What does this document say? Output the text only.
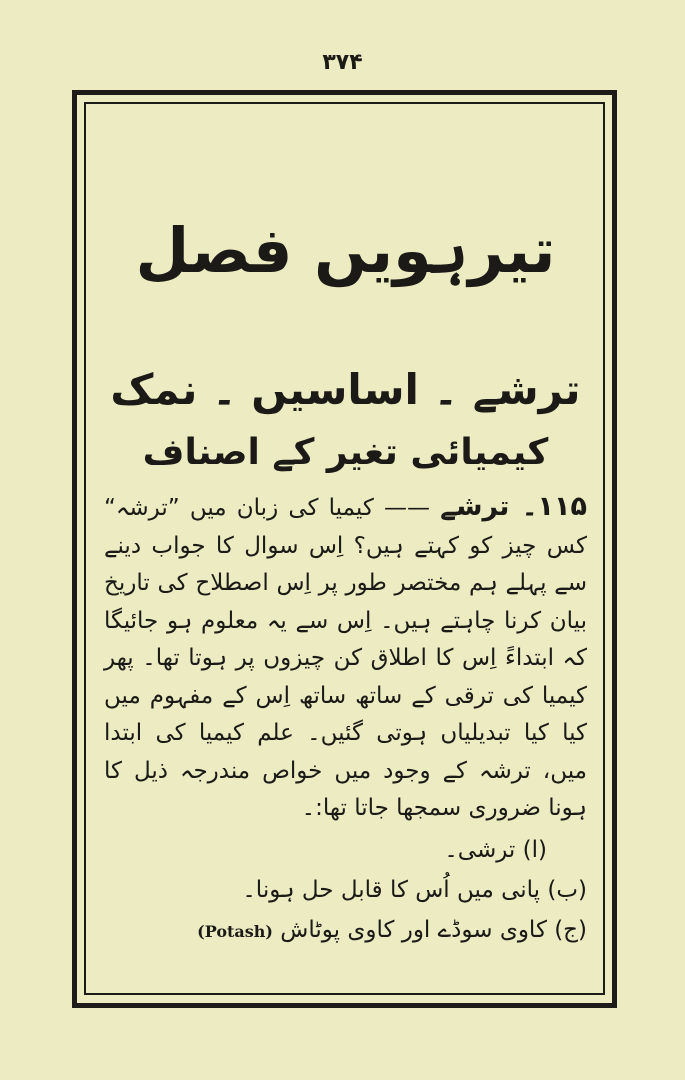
۳۷۴
تیرہویں فصل
ترشے ۔ اساسیں ۔ نمک
کیمیائی تغیر کے اصناف

۱۱۵۔ ترشے —— کیمیا کی زبان میں ”ترشہ“ کس چیز کو کہتے ہیں؟ اِس سوال کا جواب دینے سے پہلے ہم مختصر طور پر اِس اصطلاح کی تاریخ بیان کرنا چاہتے ہیں۔ اِس سے یہ معلوم ہو جائیگا کہ ابتداءً اِس کا اطلاق کن چیزوں پر ہوتا تھا۔ پھر کیمیا کی ترقی کے ساتھ ساتھ اِس کے مفہوم میں کیا کیا تبدیلیاں ہوتی گئیں۔ علم کیمیا کی ابتدا میں، ترشہ کے وجود میں خواص مندرجہ ذیل کا ہونا ضروری سمجھا جاتا تھا:۔

(ا) ترشی۔
(ب) پانی میں اُس کا قابل حل ہونا۔
(ج) کاوی سوڈے اور کاوی پوٹاش (Potash)
